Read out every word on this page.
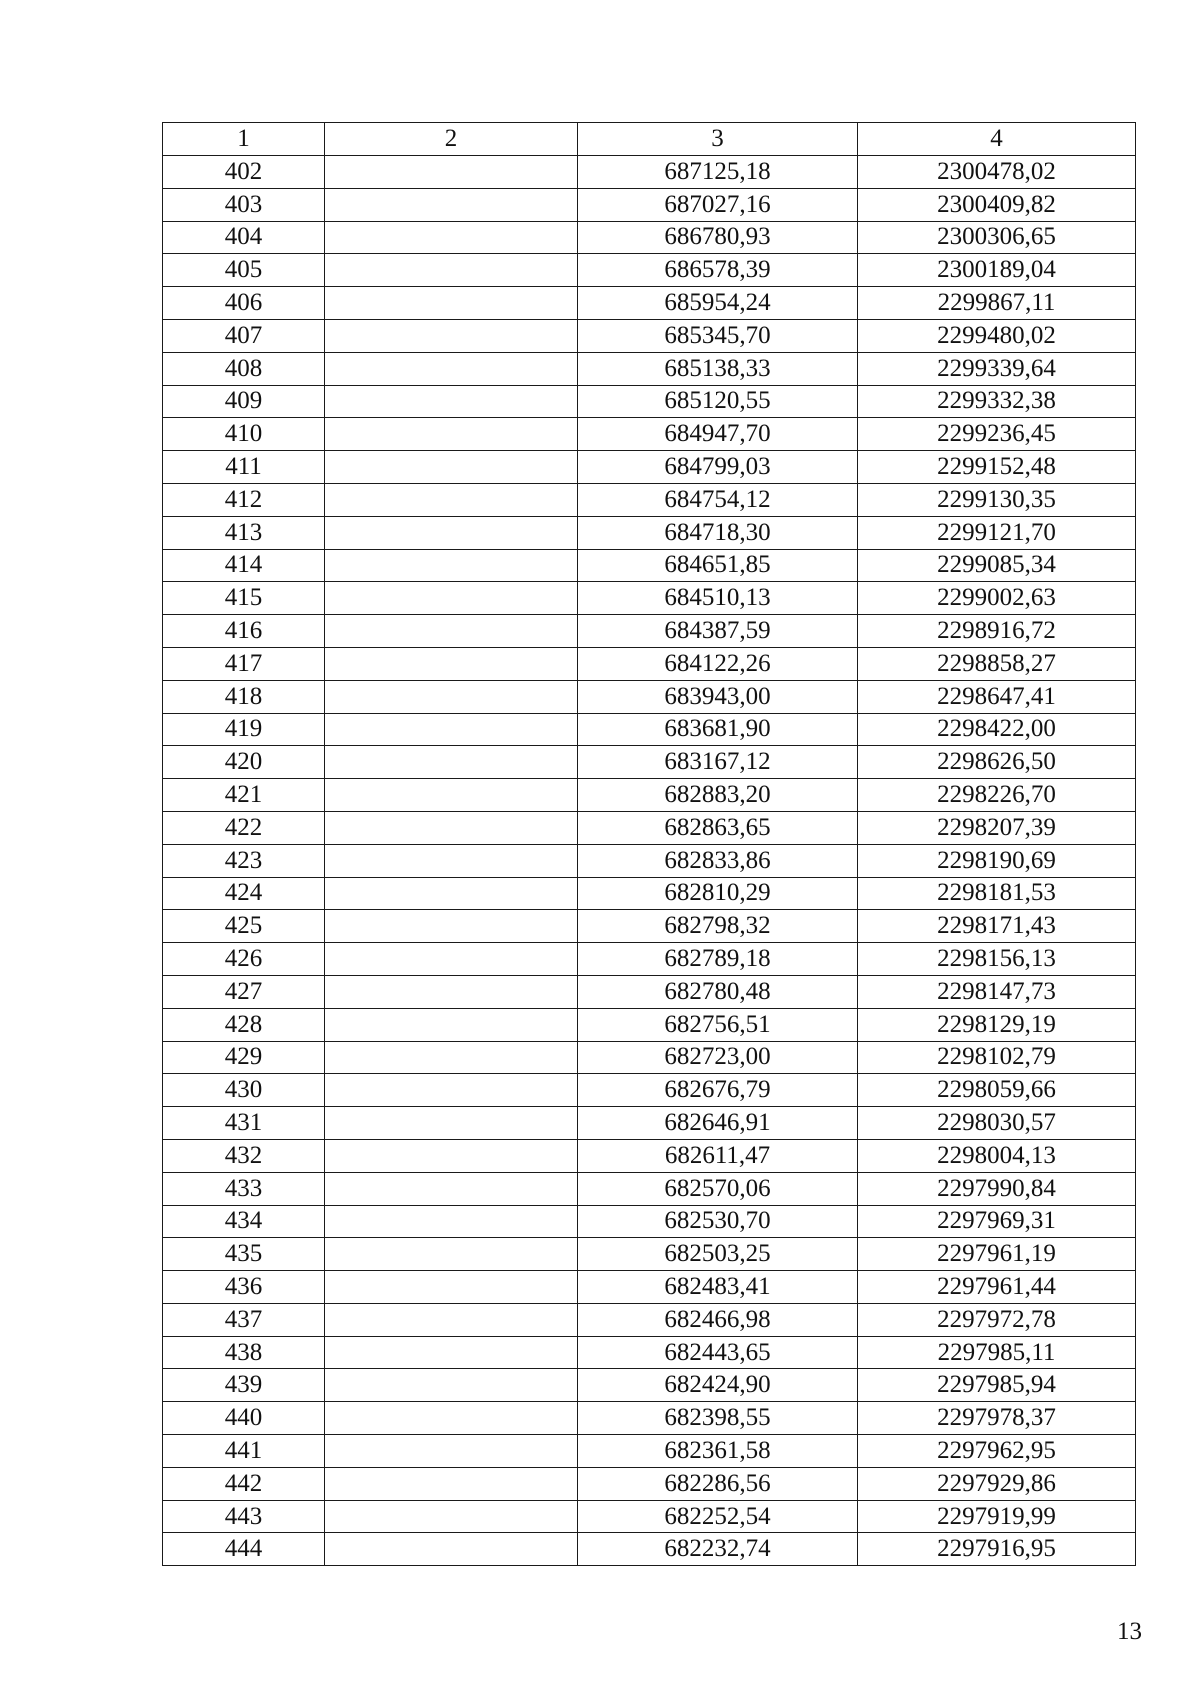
1	2	3	4
402		687125,18	2300478,02
403		687027,16	2300409,82
404		686780,93	2300306,65
405		686578,39	2300189,04
406		685954,24	2299867,11
407		685345,70	2299480,02
408		685138,33	2299339,64
409		685120,55	2299332,38
410		684947,70	2299236,45
411		684799,03	2299152,48
412		684754,12	2299130,35
413		684718,30	2299121,70
414		684651,85	2299085,34
415		684510,13	2299002,63
416		684387,59	2298916,72
417		684122,26	2298858,27
418		683943,00	2298647,41
419		683681,90	2298422,00
420		683167,12	2298626,50
421		682883,20	2298226,70
422		682863,65	2298207,39
423		682833,86	2298190,69
424		682810,29	2298181,53
425		682798,32	2298171,43
426		682789,18	2298156,13
427		682780,48	2298147,73
428		682756,51	2298129,19
429		682723,00	2298102,79
430		682676,79	2298059,66
431		682646,91	2298030,57
432		682611,47	2298004,13
433		682570,06	2297990,84
434		682530,70	2297969,31
435		682503,25	2297961,19
436		682483,41	2297961,44
437		682466,98	2297972,78
438		682443,65	2297985,11
439		682424,90	2297985,94
440		682398,55	2297978,37
441		682361,58	2297962,95
442		682286,56	2297929,86
443		682252,54	2297919,99
444		682232,74	2297916,95
13
